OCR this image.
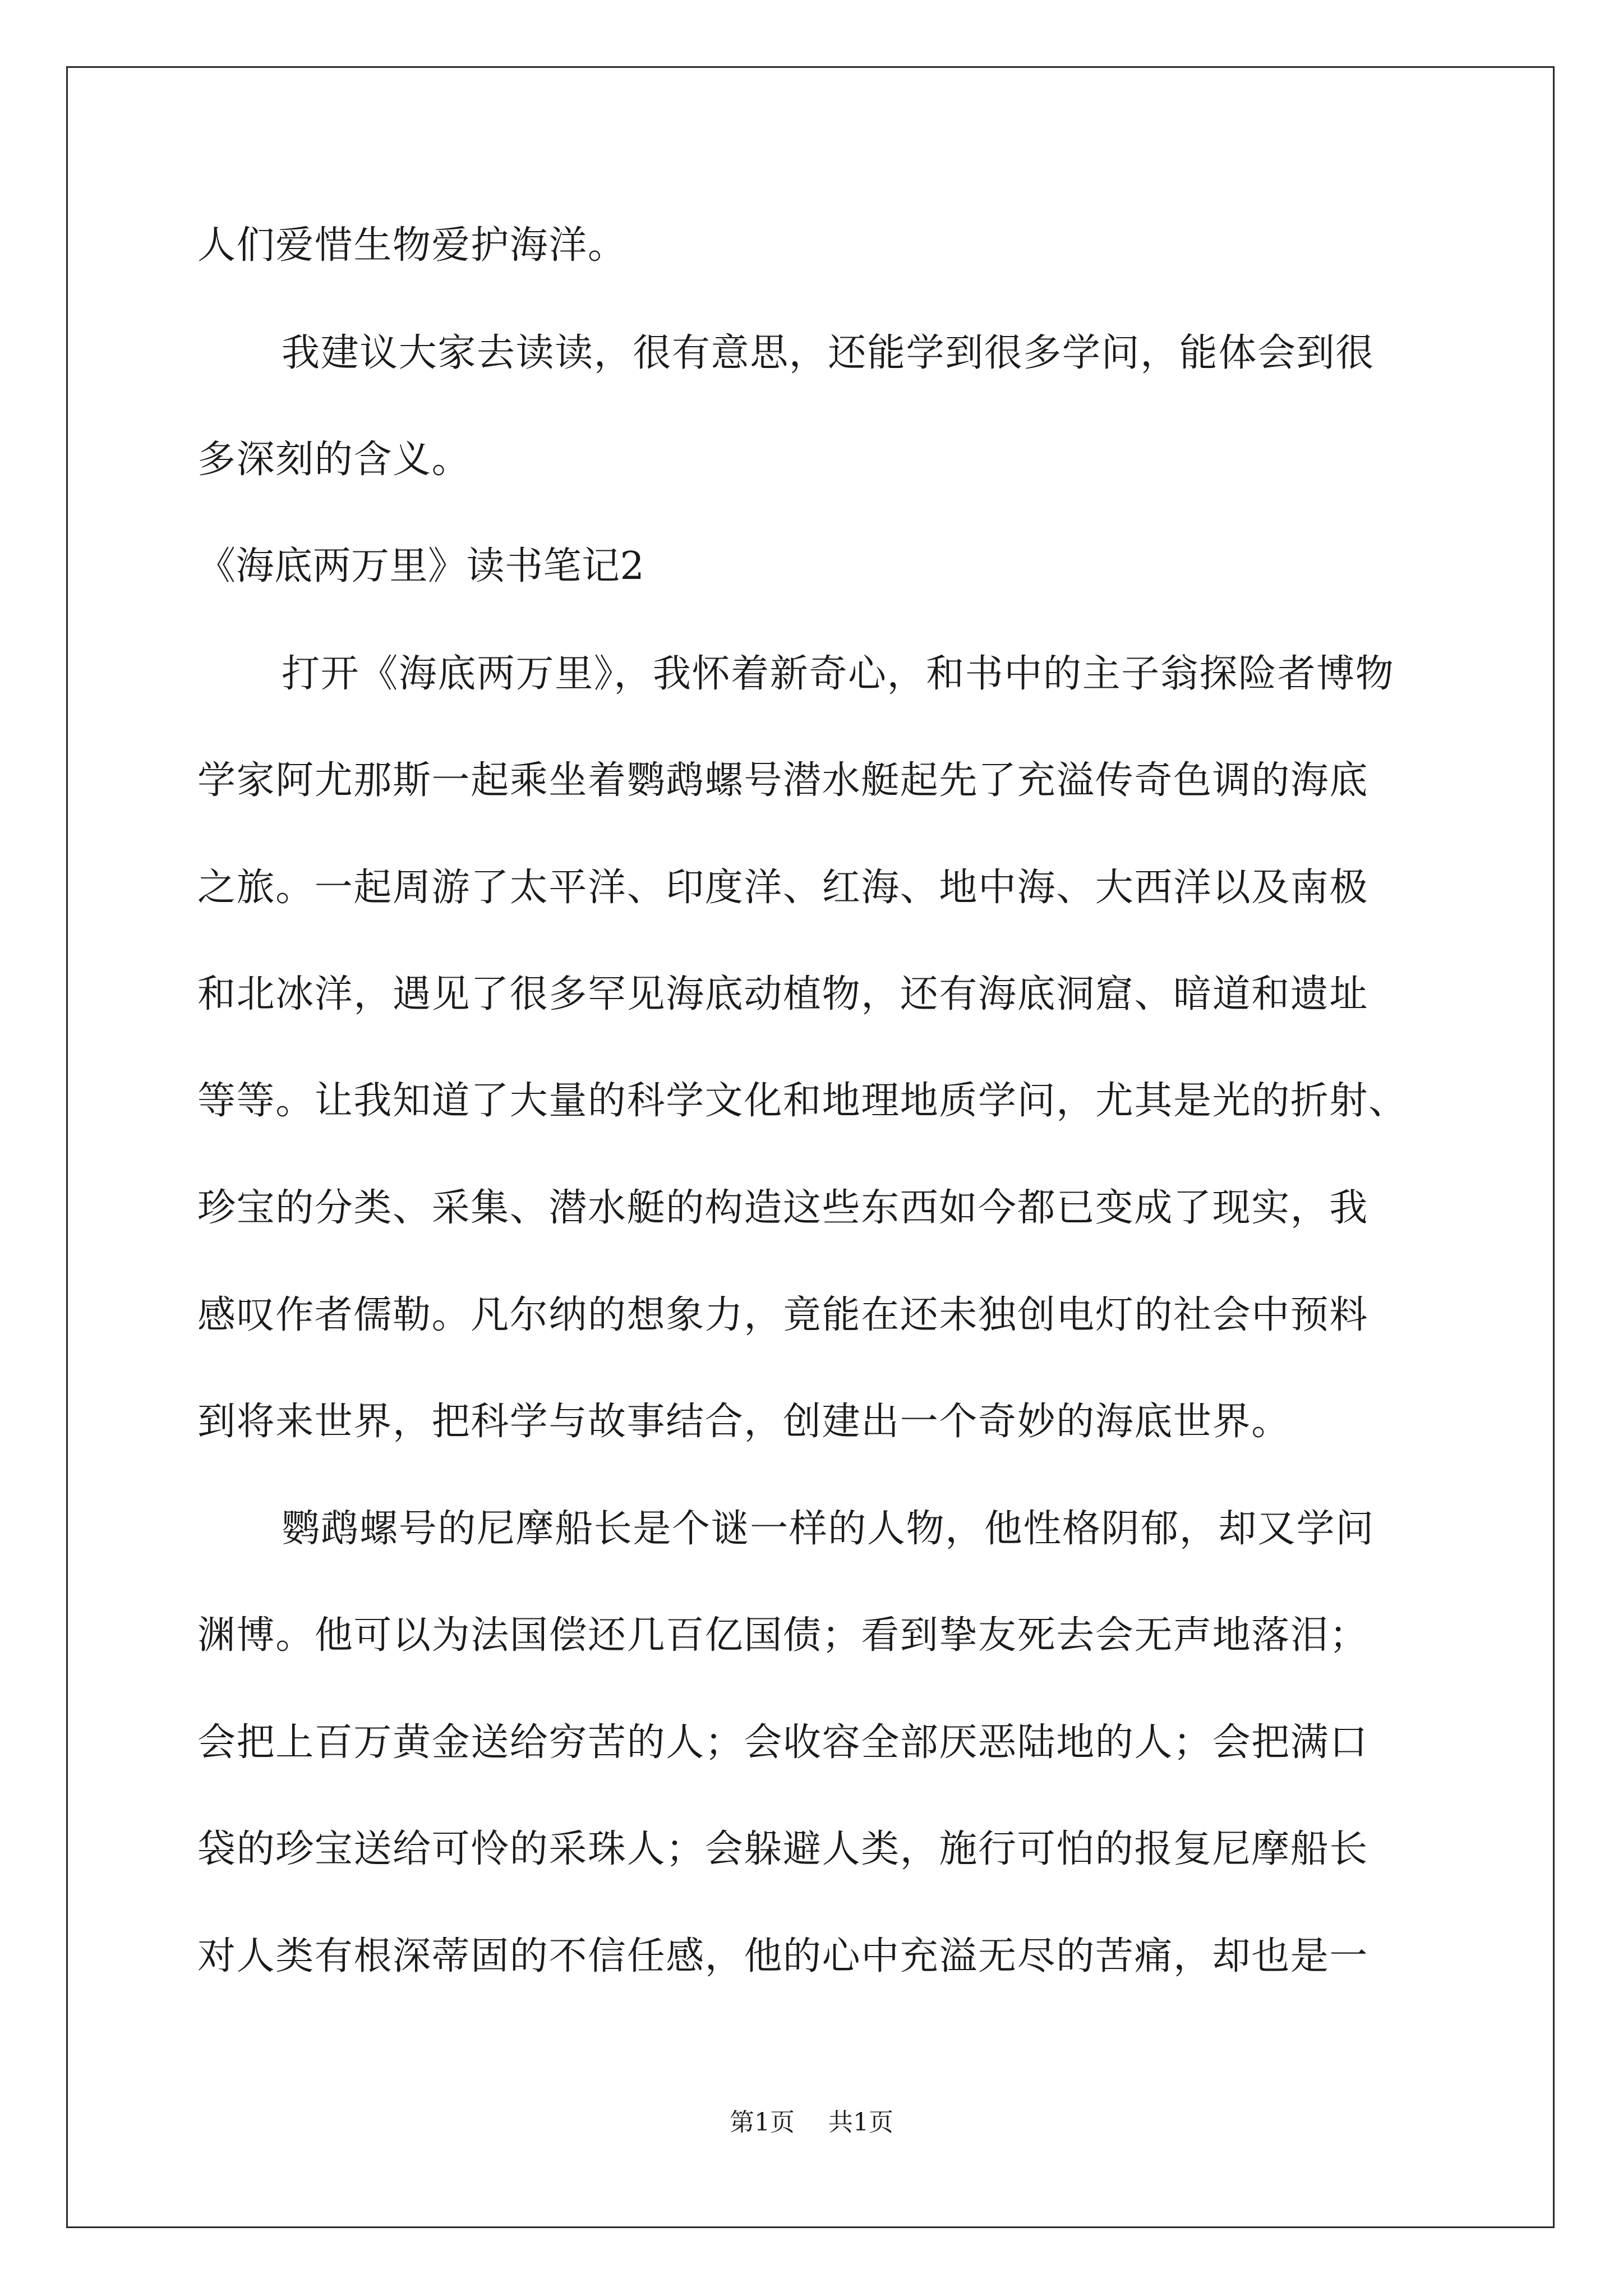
人们爱惜生物爱护海洋。
我建议大家去读读，很有意思，还能学到很多学问，能体会到很
多深刻的含义。
《海底两万里》读书笔记2
打开《海底两万里》，我怀着新奇心，和书中的主子翁探险者博物
学家阿尤那斯一起乘坐着鹦鹉螺号潜水艇起先了充溢传奇色调的海底
之旅。一起周游了太平洋、印度洋、红海、地中海、大西洋以及南极
和北冰洋，遇见了很多罕见海底动植物，还有海底洞窟、暗道和遗址
等等。让我知道了大量的科学文化和地理地质学问，尤其是光的折射、
珍宝的分类、采集、潜水艇的构造这些东西如今都已变成了现实，我
感叹作者儒勒。凡尔纳的想象力，竟能在还未独创电灯的社会中预料
到将来世界，把科学与故事结合，创建出一个奇妙的海底世界。
鹦鹉螺号的尼摩船长是个谜一样的人物，他性格阴郁，却又学问
渊博。他可以为法国偿还几百亿国债；看到挚友死去会无声地落泪；
会把上百万黄金送给穷苦的人；会收容全部厌恶陆地的人；会把满口
袋的珍宝送给可怜的采珠人；会躲避人类，施行可怕的报复尼摩船长
对人类有根深蒂固的不信任感，他的心中充溢无尽的苦痛，却也是一
第1页 共1页
